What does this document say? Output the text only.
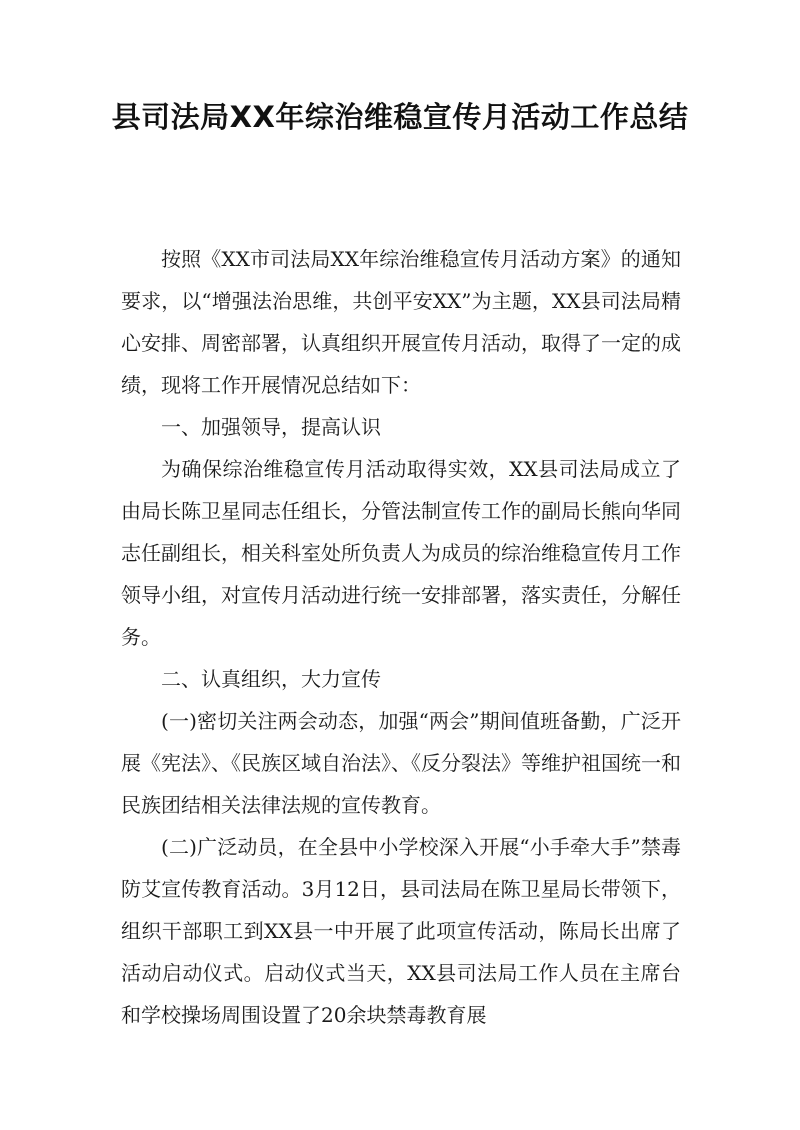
县司法局XX年综治维稳宣传月活动工作总结

按照《XX市司法局XX年综治维稳宣传月活动方案》的通知要求，以“增强法治思维，共创平安XX”为主题，XX县司法局精心安排、周密部署，认真组织开展宣传月活动，取得了一定的成绩，现将工作开展情况总结如下：

一、加强领导，提高认识

为确保综治维稳宣传月活动取得实效，XX县司法局成立了由局长陈卫星同志任组长，分管法制宣传工作的副局长熊向华同志任副组长，相关科室处所负责人为成员的综治维稳宣传月工作领导小组，对宣传月活动进行统一安排部署，落实责任，分解任务。

二、认真组织，大力宣传

(一)密切关注两会动态，加强“两会”期间值班备勤，广泛开展《宪法》、《民族区域自治法》、《反分裂法》等维护祖国统一和民族团结相关法律法规的宣传教育。

(二)广泛动员，在全县中小学校深入开展“小手牵大手”禁毒防艾宣传教育活动。3月12日，县司法局在陈卫星局长带领下，组织干部职工到XX县一中开展了此项宣传活动，陈局长出席了活动启动仪式。启动仪式当天，XX县司法局工作人员在主席台和学校操场周围设置了20余块禁毒教育展
